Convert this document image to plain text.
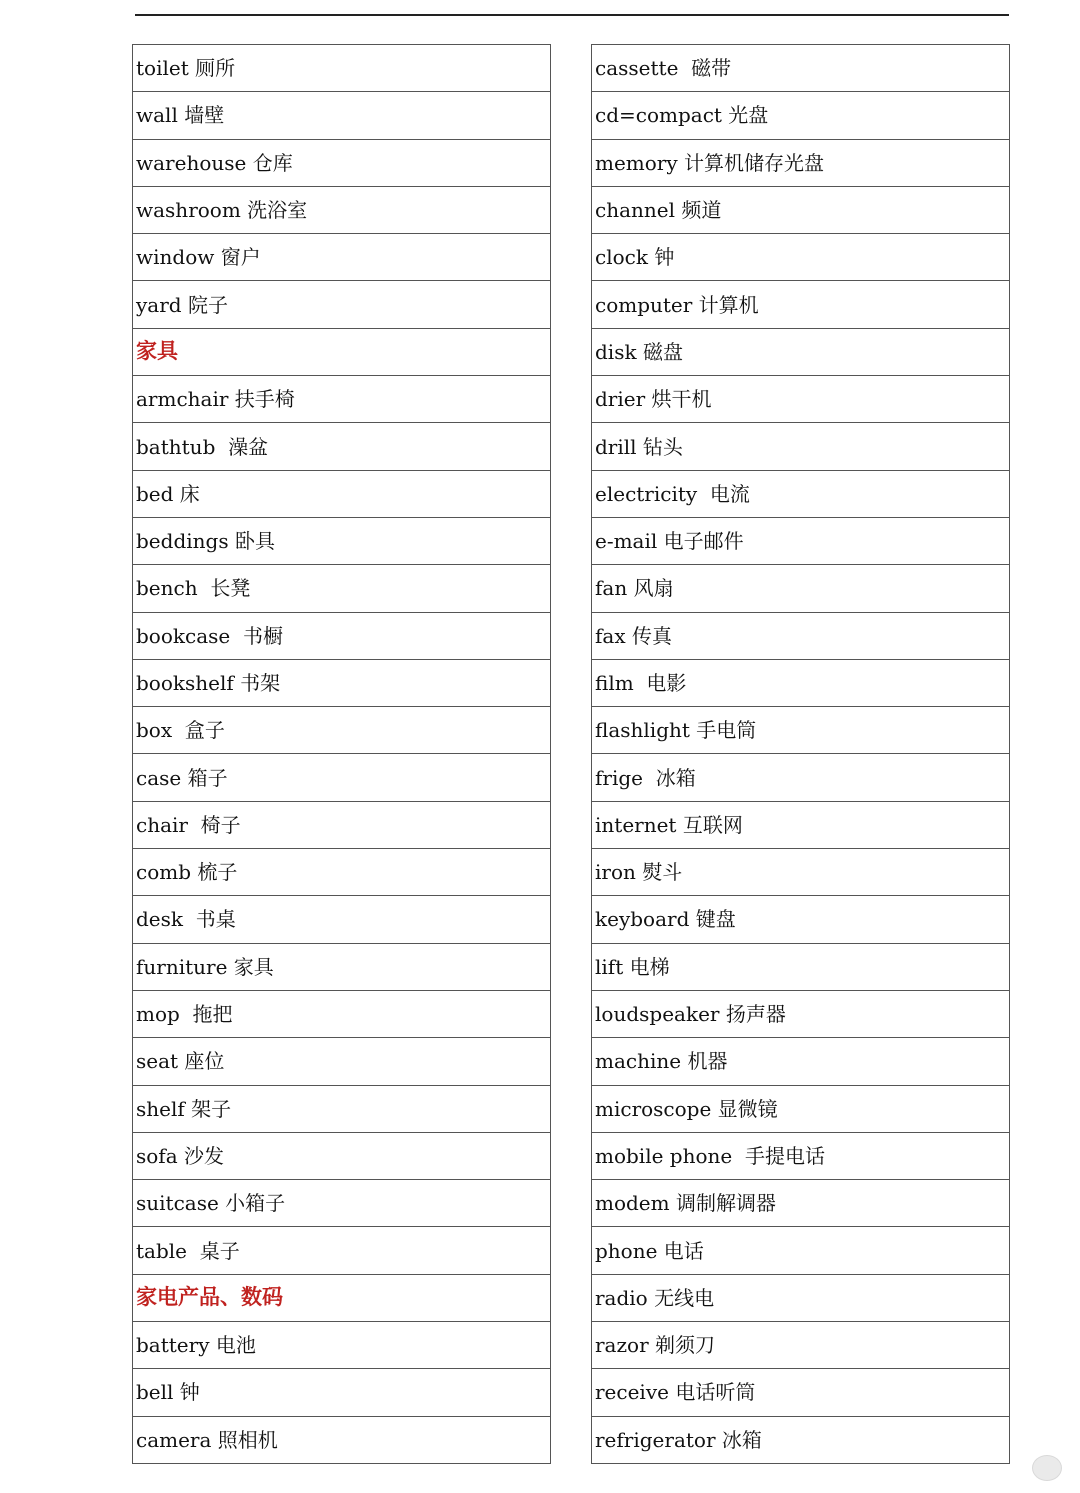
toilet 厕所
wall 墙壁
warehouse 仓库
washroom 洗浴室
window 窗户
yard 院子
家具
armchair 扶手椅
bathtub  澡盆
bed 床
beddings 卧具
bench  长凳
bookcase  书橱
bookshelf 书架
box  盒子
case 箱子
chair  椅子
comb 梳子
desk  书桌
furniture 家具
mop  拖把
seat 座位
shelf 架子
sofa 沙发
suitcase 小箱子
table  桌子
家电产品、数码
battery 电池
bell 钟
camera 照相机
cassette  磁带
cd=compact 光盘
memory 计算机储存光盘
channel 频道
clock 钟
computer 计算机
disk 磁盘
drier 烘干机
drill 钻头
electricity  电流
e-mail 电子邮件
fan 风扇
fax 传真
film  电影
flashlight 手电筒
frige  冰箱
internet 互联网
iron 熨斗
keyboard 键盘
lift 电梯
loudspeaker 扬声器
machine 机器
microscope 显微镜
mobile phone  手提电话
modem 调制解调器
phone 电话
radio 无线电
razor 剃须刀
receive 电话听筒
refrigerator 冰箱
